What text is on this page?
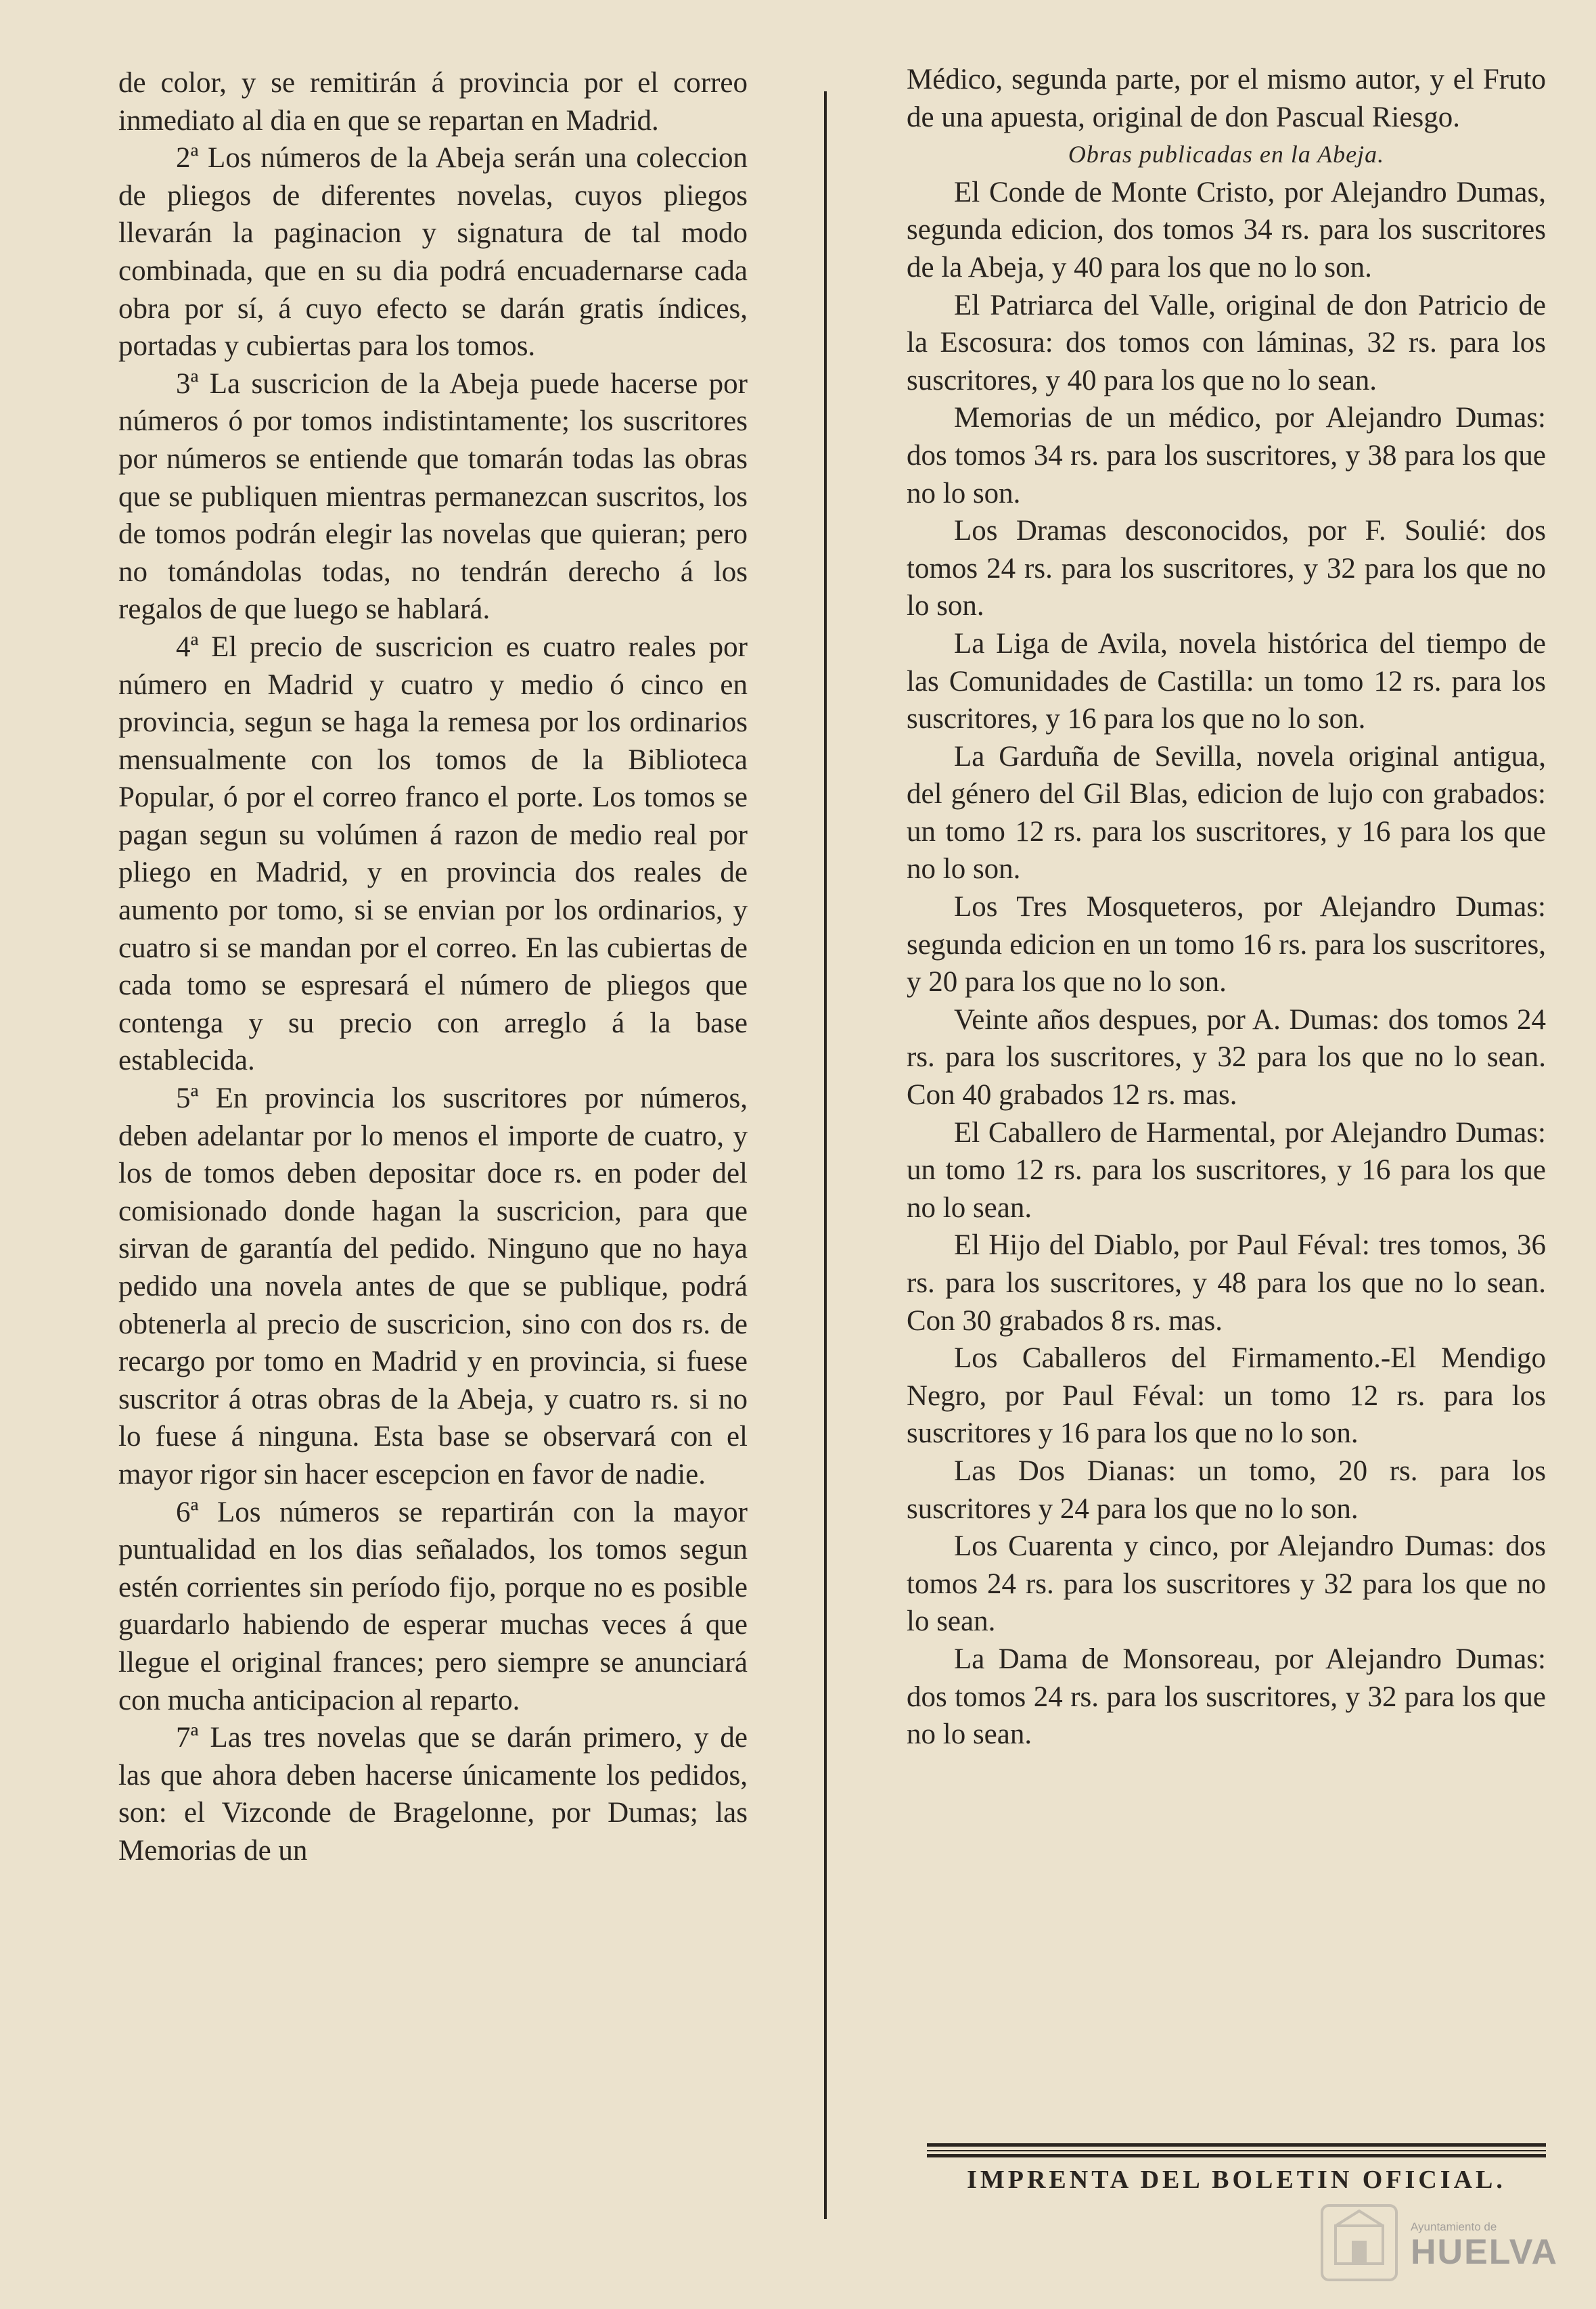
de color, y se remitirán á provincia por el correo inmediato al dia en que se repartan en Madrid.

2ª Los números de la Abeja serán una coleccion de pliegos de diferentes novelas, cuyos pliegos llevarán la paginacion y signatura de tal modo combinada, que en su dia podrá encuadernarse cada obra por sí, á cuyo efecto se darán gratis índices, portadas y cubiertas para los tomos.

3ª La suscricion de la Abeja puede hacerse por números ó por tomos indistintamente; los suscritores por números se entiende que tomarán todas las obras que se publiquen mientras permanezcan suscritos, los de tomos podrán elegir las novelas que quieran; pero no tomándolas todas, no tendrán derecho á los regalos de que luego se hablará.

4ª El precio de suscricion es cuatro reales por número en Madrid y cuatro y medio ó cinco en provincia, segun se haga la remesa por los ordinarios mensualmente con los tomos de la Biblioteca Popular, ó por el correo franco el porte. Los tomos se pagan segun su volúmen á razon de medio real por pliego en Madrid, y en provincia dos reales de aumento por tomo, si se envian por los ordinarios, y cuatro si se mandan por el correo. En las cubiertas de cada tomo se espresará el número de pliegos que contenga y su precio con arreglo á la base establecida.

5ª En provincia los suscritores por números, deben adelantar por lo menos el importe de cuatro, y los de tomos deben depositar doce rs. en poder del comisionado donde hagan la suscricion, para que sirvan de garantía del pedido. Ninguno que no haya pedido una novela antes de que se publique, podrá obtenerla al precio de suscricion, sino con dos rs. de recargo por tomo en Madrid y en provincia, si fuese suscritor á otras obras de la Abeja, y cuatro rs. si no lo fuese á ninguna. Esta base se observará con el mayor rigor sin hacer escepcion en favor de nadie.

6ª Los números se repartirán con la mayor puntualidad en los dias señalados, los tomos segun estén corrientes sin período fijo, porque no es posible guardarlo habiendo de esperar muchas veces á que llegue el original frances; pero siempre se anunciará con mucha anticipacion al reparto.

7ª Las tres novelas que se darán primero, y de las que ahora deben hacerse únicamente los pedidos, son: el Vizconde de Bragelonne, por Dumas; las Memorias de un

Médico, segunda parte, por el mismo autor, y el Fruto de una apuesta, original de don Pascual Riesgo.

Obras publicadas en la Abeja.

El Conde de Monte Cristo, por Alejandro Dumas, segunda edicion, dos tomos 34 rs. para los suscritores de la Abeja, y 40 para los que no lo son.

El Patriarca del Valle, original de don Patricio de la Escosura: dos tomos con láminas, 32 rs. para los suscritores, y 40 para los que no lo sean.

Memorias de un médico, por Alejandro Dumas: dos tomos 34 rs. para los suscritores, y 38 para los que no lo son.

Los Dramas desconocidos, por F. Soulié: dos tomos 24 rs. para los suscritores, y 32 para los que no lo son.

La Liga de Avila, novela histórica del tiempo de las Comunidades de Castilla: un tomo 12 rs. para los suscritores, y 16 para los que no lo son.

La Garduña de Sevilla, novela original antigua, del género del Gil Blas, edicion de lujo con grabados: un tomo 12 rs. para los suscritores, y 16 para los que no lo son.

Los Tres Mosqueteros, por Alejandro Dumas: segunda edicion en un tomo 16 rs. para los suscritores, y 20 para los que no lo son.

Veinte años despues, por A. Dumas: dos tomos 24 rs. para los suscritores, y 32 para los que no lo sean. Con 40 grabados 12 rs. mas.

El Caballero de Harmental, por Alejandro Dumas: un tomo 12 rs. para los suscritores, y 16 para los que no lo sean.

El Hijo del Diablo, por Paul Féval: tres tomos, 36 rs. para los suscritores, y 48 para los que no lo sean. Con 30 grabados 8 rs. mas.

Los Caballeros del Firmamento.-El Mendigo Negro, por Paul Féval: un tomo 12 rs. para los suscritores y 16 para los que no lo son.

Las Dos Dianas: un tomo, 20 rs. para los suscritores y 24 para los que no lo son.

Los Cuarenta y cinco, por Alejandro Dumas: dos tomos 24 rs. para los suscritores y 32 para los que no lo sean.

La Dama de Monsoreau, por Alejandro Dumas: dos tomos 24 rs. para los suscritores, y 32 para los que no lo sean.

IMPRENTA DEL BOLETIN OFICIAL.
Ayuntamiento de
HUELVA
